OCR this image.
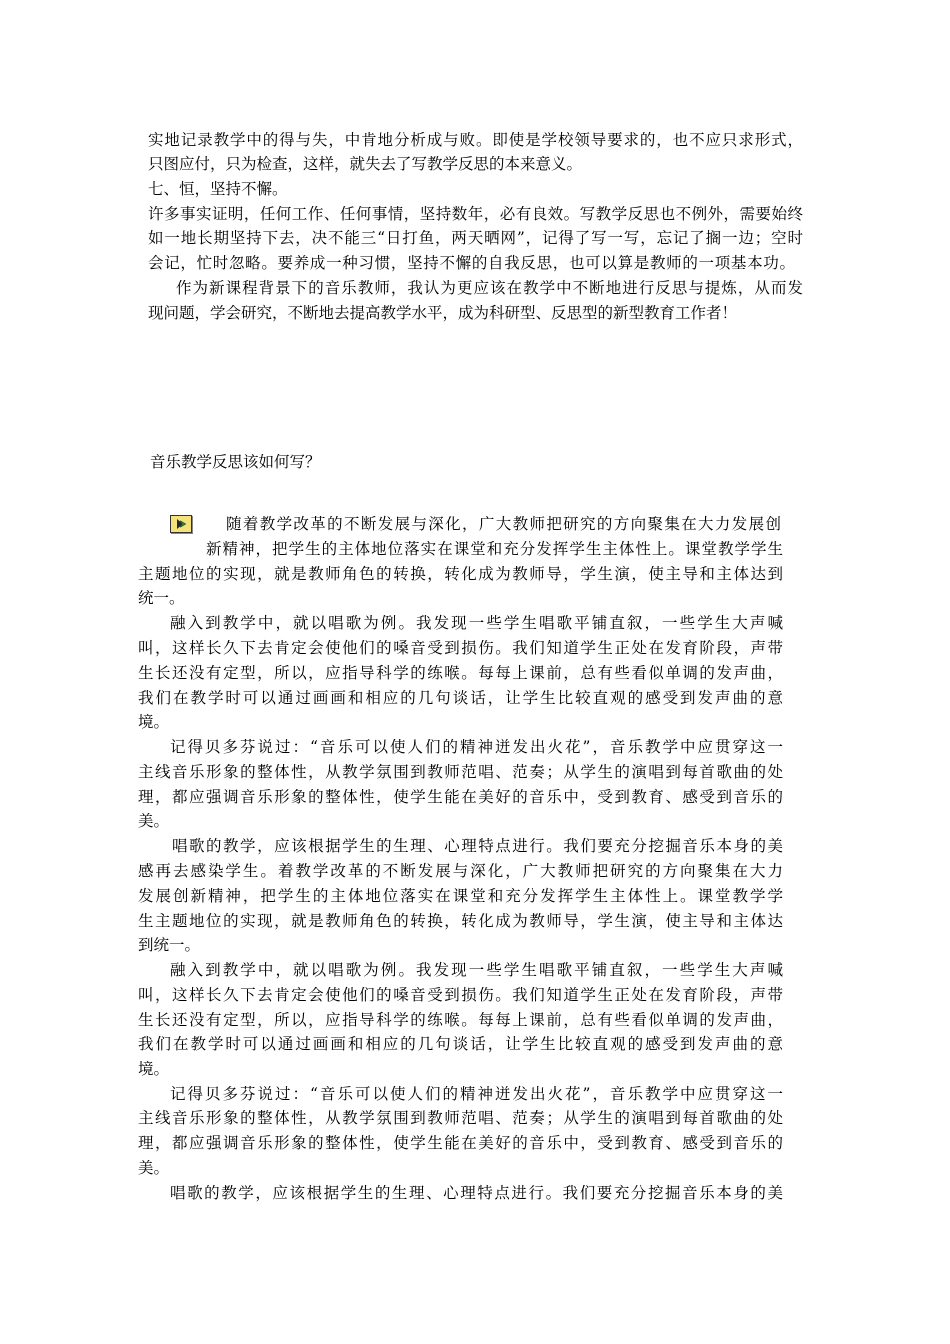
实地记录教学中的得与失，中肯地分析成与败。即使是学校领导要求的，也不应只求形式，
只图应付，只为检查，这样，就失去了写教学反思的本来意义。
七、恒，坚持不懈。
许多事实证明，任何工作、任何事情，坚持数年，必有良效。写教学反思也不例外，需要始终
如一地长期坚持下去，决不能三“日打鱼，两天晒网”，记得了写一写，忘记了搁一边；空时
会记，忙时忽略。要养成一种习惯，坚持不懈的自我反思，也可以算是教师的一项基本功。
作为新课程背景下的音乐教师，我认为更应该在教学中不断地进行反思与提炼，从而发
现问题，学会研究，不断地去提高教学水平，成为科研型、反思型的新型教育工作者！
音乐教学反思该如何写？
随着教学改革的不断发展与深化，广大教师把研究的方向聚集在大力发展创
新精神，把学生的主体地位落实在课堂和充分发挥学生主体性上。课堂教学学生
主题地位的实现，就是教师角色的转换，转化成为教师导，学生演，使主导和主体达到
统一。
融入到教学中，就以唱歌为例。我发现一些学生唱歌平铺直叙，一些学生大声喊
叫，这样长久下去肯定会使他们的嗓音受到损伤。我们知道学生正处在发育阶段，声带
生长还没有定型，所以，应指导科学的练喉。每每上课前，总有些看似单调的发声曲，
我们在教学时可以通过画画和相应的几句谈话，让学生比较直观的感受到发声曲的意
境。
记得贝多芬说过：“音乐可以使人们的精神迸发出火花”，音乐教学中应贯穿这一
主线音乐形象的整体性，从教学氛围到教师范唱、范奏；从学生的演唱到每首歌曲的处
理，都应强调音乐形象的整体性，使学生能在美好的音乐中，受到教育、感受到音乐的
美。
唱歌的教学，应该根据学生的生理、心理特点进行。我们要充分挖掘音乐本身的美
感再去感染学生。着教学改革的不断发展与深化，广大教师把研究的方向聚集在大力
发展创新精神，把学生的主体地位落实在课堂和充分发挥学生主体性上。课堂教学学
生主题地位的实现，就是教师角色的转换，转化成为教师导，学生演，使主导和主体达
到统一。
融入到教学中，就以唱歌为例。我发现一些学生唱歌平铺直叙，一些学生大声喊
叫，这样长久下去肯定会使他们的嗓音受到损伤。我们知道学生正处在发育阶段，声带
生长还没有定型，所以，应指导科学的练喉。每每上课前，总有些看似单调的发声曲，
我们在教学时可以通过画画和相应的几句谈话，让学生比较直观的感受到发声曲的意
境。
记得贝多芬说过：“音乐可以使人们的精神迸发出火花”，音乐教学中应贯穿这一
主线音乐形象的整体性，从教学氛围到教师范唱、范奏；从学生的演唱到每首歌曲的处
理，都应强调音乐形象的整体性，使学生能在美好的音乐中，受到教育、感受到音乐的
美。
唱歌的教学，应该根据学生的生理、心理特点进行。我们要充分挖掘音乐本身的美
